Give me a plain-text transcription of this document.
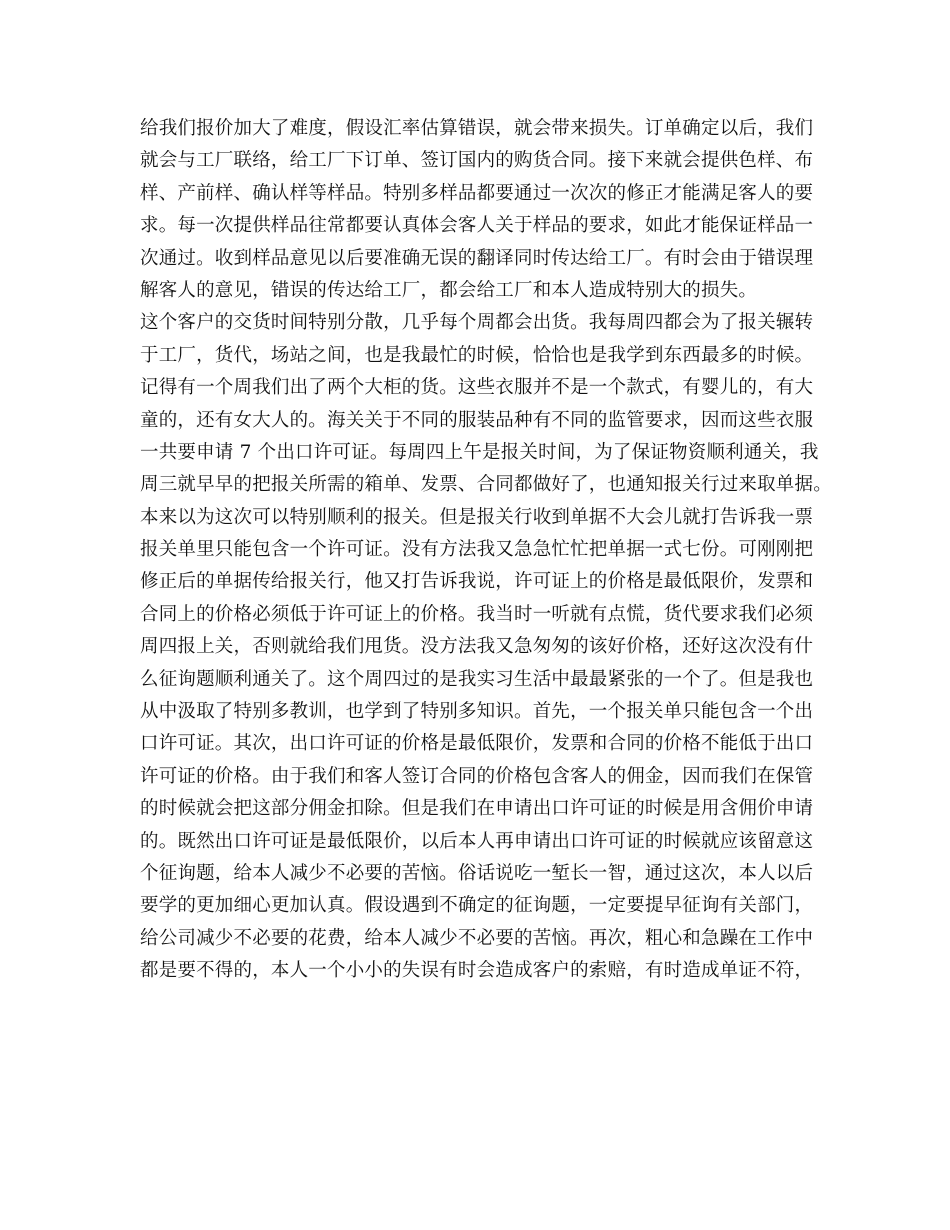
给我们报价加大了难度，假设汇率估算错误，就会带来损失。订单确定以后，我们
就会与工厂联络，给工厂下订单、签订国内的购货合同。接下来就会提供色样、布
样、产前样、确认样等样品。特别多样品都要通过一次次的修正才能满足客人的要
求。每一次提供样品往常都要认真体会客人关于样品的要求，如此才能保证样品一
次通过。收到样品意见以后要准确无误的翻译同时传达给工厂。有时会由于错误理
解客人的意见，错误的传达给工厂，都会给工厂和本人造成特别大的损失。
这个客户的交货时间特别分散，几乎每个周都会出货。我每周四都会为了报关辗转
于工厂，货代，场站之间，也是我最忙的时候，恰恰也是我学到东西最多的时候。
记得有一个周我们出了两个大柜的货。这些衣服并不是一个款式，有婴儿的，有大
童的，还有女大人的。海关关于不同的服装品种有不同的监管要求，因而这些衣服
一共要申请 7 个出口许可证。每周四上午是报关时间，为了保证物资顺利通关，我
周三就早早的把报关所需的箱单、发票、合同都做好了，也通知报关行过来取单据。
本来以为这次可以特别顺利的报关。但是报关行收到单据不大会儿就打告诉我一票
报关单里只能包含一个许可证。没有方法我又急急忙忙把单据一式七份。可刚刚把
修正后的单据传给报关行，他又打告诉我说，许可证上的价格是最低限价，发票和
合同上的价格必须低于许可证上的价格。我当时一听就有点慌，货代要求我们必须
周四报上关，否则就给我们甩货。没方法我又急匆匆的该好价格，还好这次没有什
么征询题顺利通关了。这个周四过的是我实习生活中最最紧张的一个了。但是我也
从中汲取了特别多教训，也学到了特别多知识。首先，一个报关单只能包含一个出
口许可证。其次，出口许可证的价格是最低限价，发票和合同的价格不能低于出口
许可证的价格。由于我们和客人签订合同的价格包含客人的佣金，因而我们在保管
的时候就会把这部分佣金扣除。但是我们在申请出口许可证的时候是用含佣价申请
的。既然出口许可证是最低限价，以后本人再申请出口许可证的时候就应该留意这
个征询题，给本人减少不必要的苦恼。俗话说吃一堑长一智，通过这次，本人以后
要学的更加细心更加认真。假设遇到不确定的征询题，一定要提早征询有关部门，
给公司减少不必要的花费，给本人减少不必要的苦恼。再次，粗心和急躁在工作中
都是要不得的，本人一个小小的失误有时会造成客户的索赔，有时造成单证不符，
